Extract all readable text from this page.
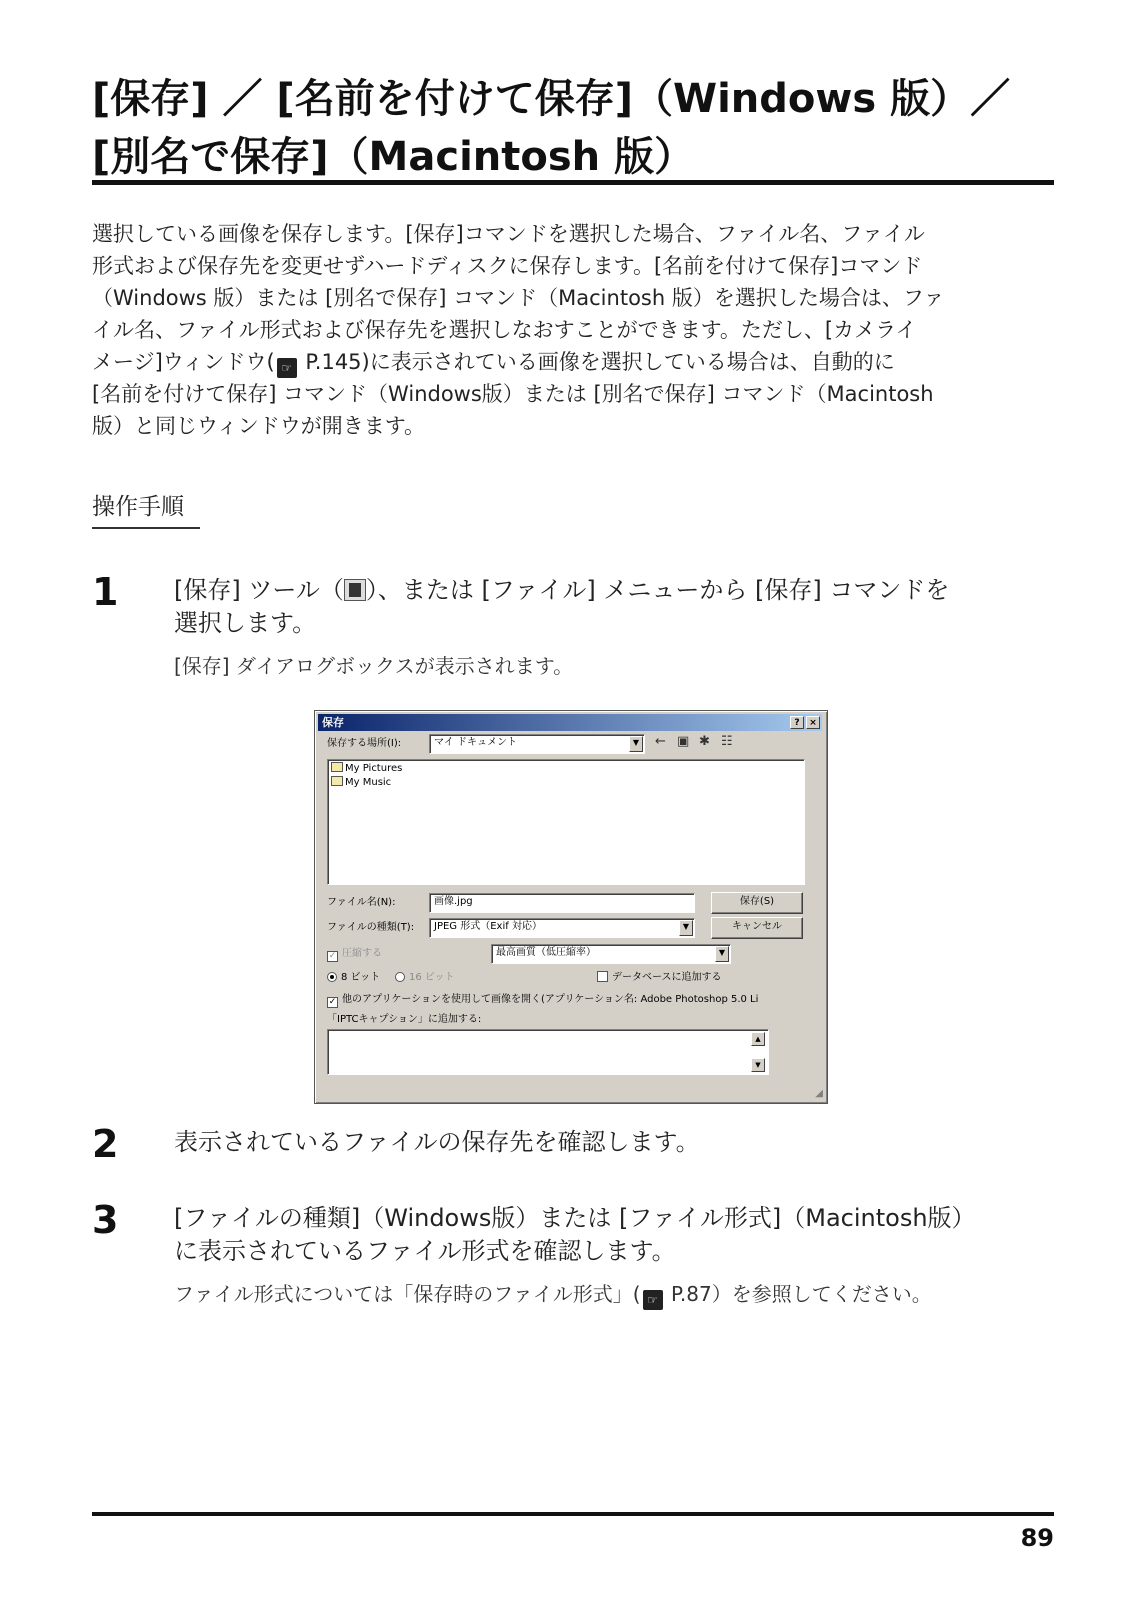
[保存] ／ [名前を付けて保存]（Windows 版）／
[別名で保存]（Macintosh 版）

選択している画像を保存します。[保存]コマンドを選択した場合、ファイル名、ファイル

形式および保存先を変更せずハードディスクに保存します。[名前を付けて保存]コマンド

（Windows 版）または [別名で保存] コマンド（Macintosh 版）を選択した場合は、ファ

イル名、ファイル形式および保存先を選択しなおすことができます。ただし、[カメライ

メージ]ウィンドウ( ☞ P.145)に表示されている画像を選択している場合は、自動的に

[名前を付けて保存] コマンド（Windows版）または [別名で保存] コマンド（Macintosh

版）と同じウィンドウが開きます。

操作手順
1 [保存] ツール（ ）、または [ファイル] メニューから [保存] コマンドを

選択します。

[保存] ダイアログボックスが表示されます。
保存	?	×
保存する場所(I):	マイ ドキュメント	▼	← ▣ ✱ ☷
My Pictures
My Music
ファイル名(N):	画像.jpg	保存(S)
ファイルの種類(T):	JPEG 形式（Exif 対応）	▼	キャンセル
✓ 圧縮する	最高画質（低圧縮率）	▼
8 ビット	16 ビット	データベースに追加する
✓ 他のアプリケーションを使用して画像を開く(アプリケーション名: Adobe Photoshop 5.0 Li
「IPTCキャプション」に追加する:
▲
▼
◢
2 表示されているファイルの保存先を確認します。

3 [ファイルの種類]（Windows版）または [ファイル形式]（Macintosh版）

に表示されているファイル形式を確認します。

ファイル形式については「保存時のファイル形式」( ☞ P.87）を参照してください。
89
